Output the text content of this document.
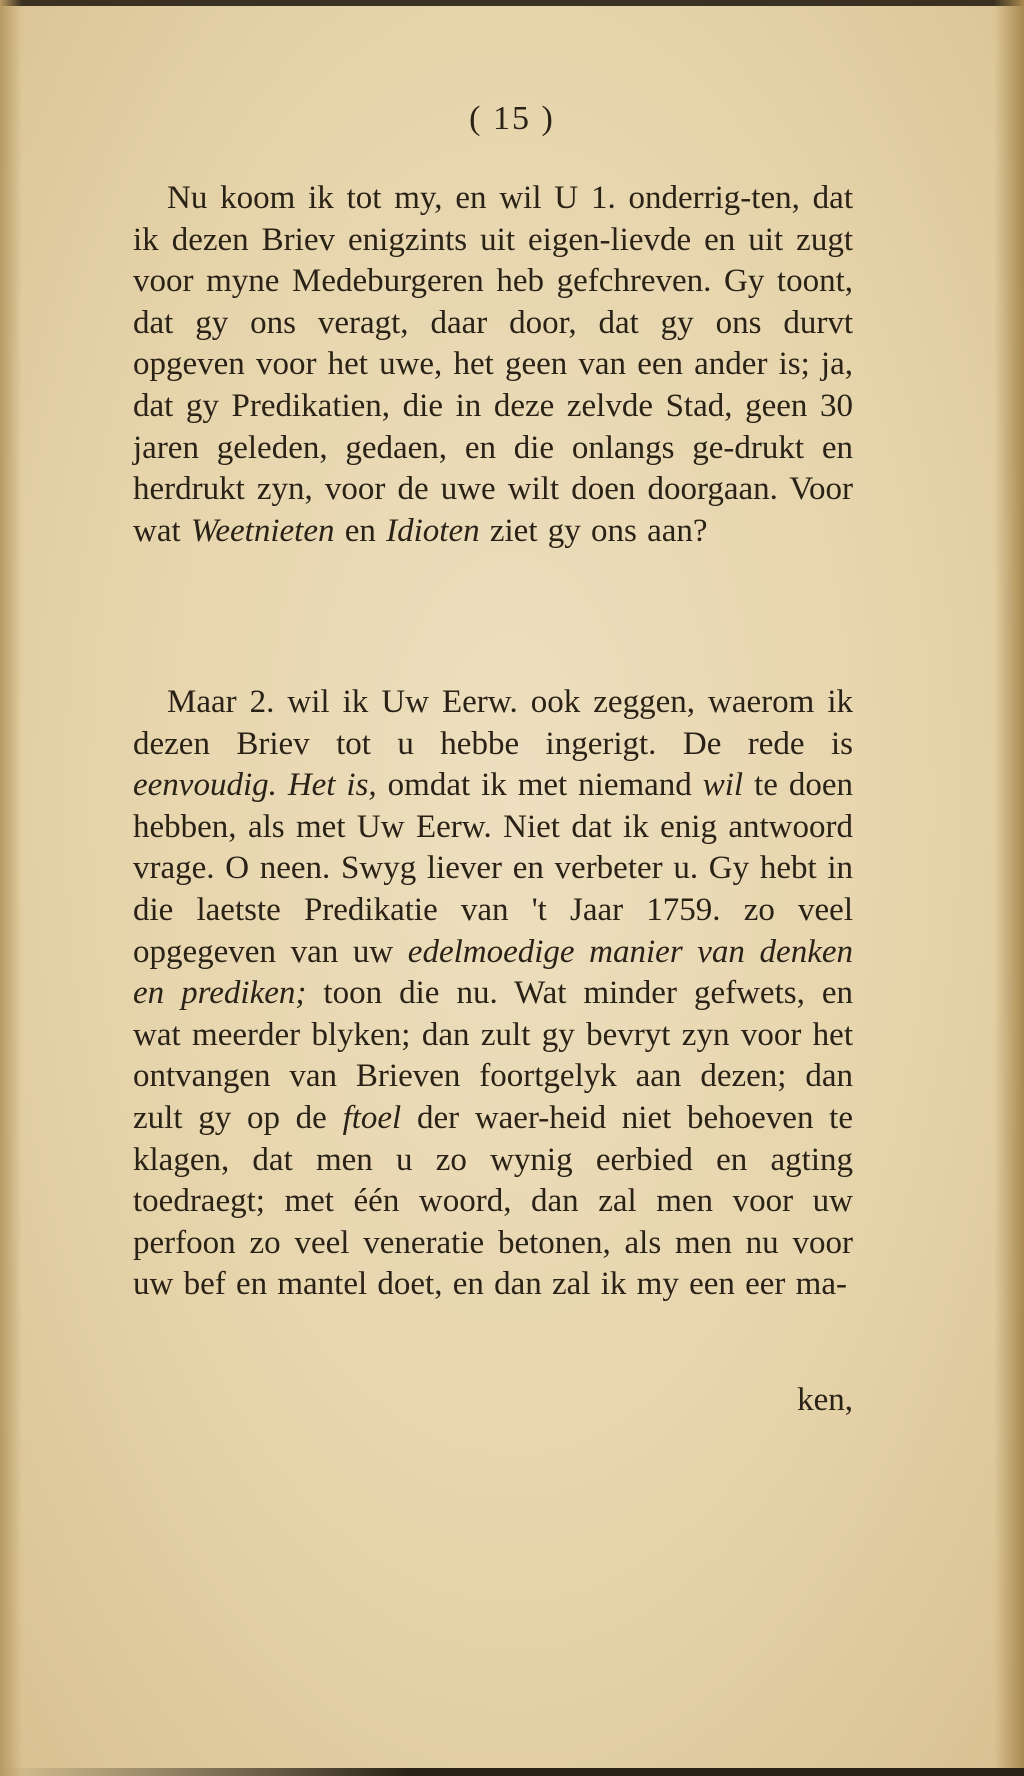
( 15 )

Nu koom ik tot my, en wil U 1. onderrig-ten, dat ik dezen Briev enigzints uit eigen-lievde en uit zugt voor myne Medeburgeren heb gefchreven. Gy toont, dat gy ons veragt, daar door, dat gy ons durvt opgeven voor het uwe, het geen van een ander is; ja, dat gy Predikatien, die in deze zelvde Stad, geen 30 jaren geleden, gedaen, en die onlangs ge-drukt en herdrukt zyn, voor de uwe wilt doen doorgaan. Voor wat Weetnieten en Idioten ziet gy ons aan?

Maar 2. wil ik Uw Eerw. ook zeggen, waerom ik dezen Briev tot u hebbe ingerigt. De rede is eenvoudig. Het is, omdat ik met niemand wil te doen hebben, als met Uw Eerw. Niet dat ik enig antwoord vrage. O neen. Swyg liever en verbeter u. Gy hebt in die laetste Predikatie van 't Jaar 1759. zo veel opgegeven van uw edelmoedige manier van denken en prediken; toon die nu. Wat minder gefwets, en wat meerder blyken; dan zult gy bevryt zyn voor het ontvangen van Brieven foortgelyk aan dezen; dan zult gy op de ftoel der waer-heid niet behoeven te klagen, dat men u zo wynig eerbied en agting toedraegt; met één woord, dan zal men voor uw perfoon zo veel veneratie betonen, als men nu voor uw bef en mantel doet, en dan zal ik my een eer ma-

ken,
